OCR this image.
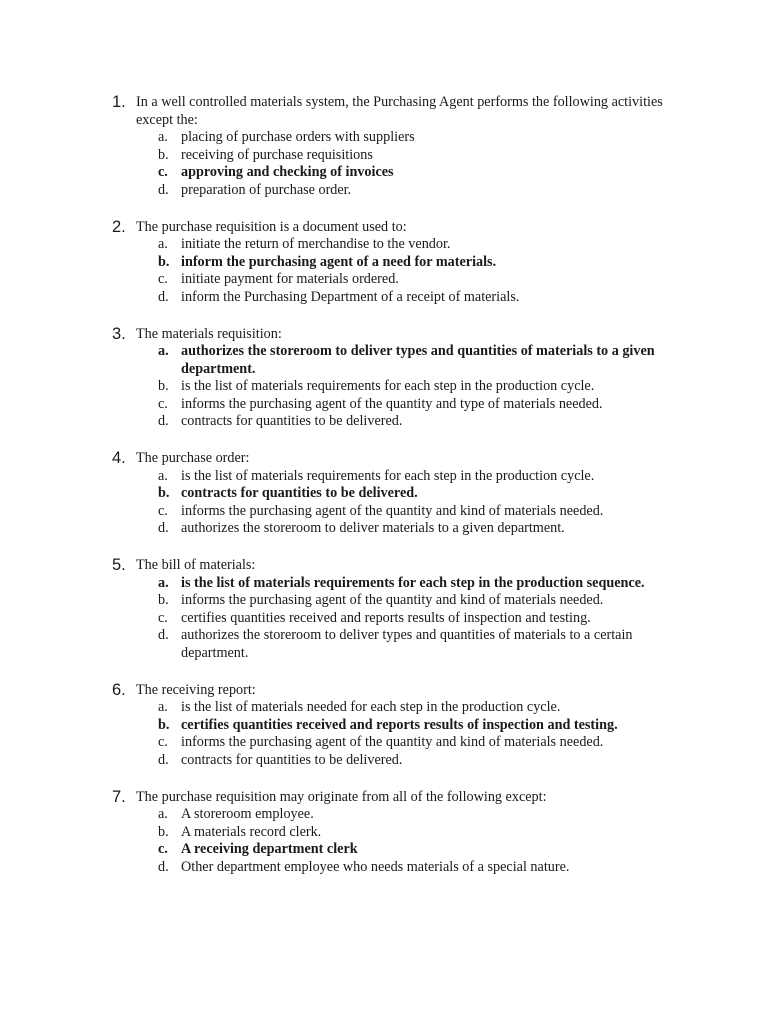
1. In a well controlled materials system, the Purchasing Agent performs the following activities except the:
a. placing of purchase orders with suppliers
b. receiving of purchase requisitions
c. approving and checking of invoices
d. preparation of purchase order.
2. The purchase requisition is a document used to:
a. initiate the return of merchandise to the vendor.
b. inform the purchasing agent of a need for materials.
c. initiate payment for materials ordered.
d. inform the Purchasing Department of a receipt of materials.
3. The materials requisition:
a. authorizes the storeroom to deliver types and quantities of materials to a given department.
b. is the list of materials requirements for each step in the production cycle.
c. informs the purchasing agent of the quantity and type of materials needed.
d. contracts for quantities to be delivered.
4. The purchase order:
a. is the list of materials requirements for each step in the production cycle.
b. contracts for quantities to be delivered.
c. informs the purchasing agent of the quantity and kind of materials needed.
d. authorizes the storeroom to deliver materials to a given department.
5. The bill of materials:
a. is the list of materials requirements for each step in the production sequence.
b. informs the purchasing agent of the quantity and kind of materials needed.
c. certifies quantities received and reports results of inspection and testing.
d. authorizes the storeroom to deliver types and quantities of materials to a certain department.
6. The receiving report:
a. is the list of materials needed for each step in the production cycle.
b. certifies quantities received and reports results of inspection and testing.
c. informs the purchasing agent of the quantity and kind of materials needed.
d. contracts for quantities to be delivered.
7. The purchase requisition may originate from all of the following except:
a. A storeroom employee.
b. A materials record clerk.
c. A receiving department clerk
d. Other department employee who needs materials of a special nature.
